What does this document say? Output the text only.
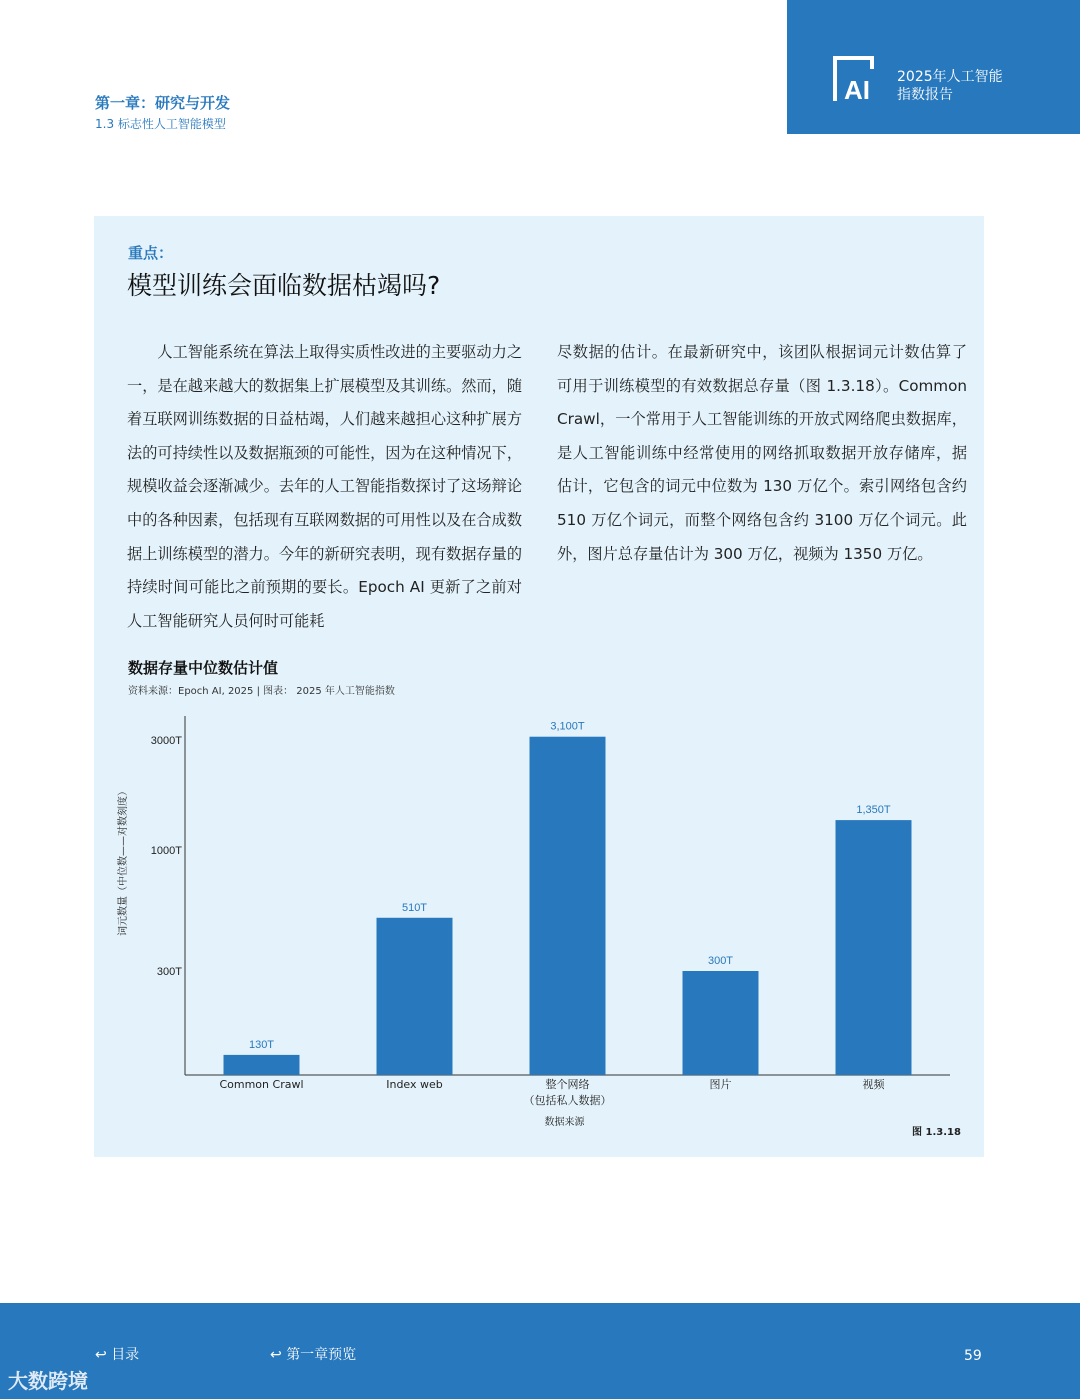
AI 2025年人工智能
指数报告
第一章：研究与开发
1.3 标志性人工智能模型
重点：
模型训练会面临数据枯竭吗?

　　人工智能系统在算法上取得实质性改进的主要驱动力之一，是在越来越大的数据集上扩展模型及其训练。然而，随着互联网训练数据的日益枯竭，人们越来越担心这种扩展方法的可持续性以及数据瓶颈的可能性，因为在这种情况下，规模收益会逐渐减少。去年的人工智能指数探讨了这场辩论中的各种因素，包括现有互联网数据的可用性以及在合成数据上训练模型的潜力。今年的新研究表明，现有数据存量的持续时间可能比之前预期的要长。Epoch AI 更新了之前对人工智能研究人员何时可能耗

尽数据的估计。在最新研究中，该团队根据词元计数估算了可用于训练模型的有效数据总存量（图 1.3.18）。Common Crawl，一个常用于人工智能训练的开放式网络爬虫数据库，是人工智能训练中经常使用的网络抓取数据开放存储库，据估计，它包含的词元中位数为 130 万亿个。索引网络包含约 510 万亿个词元，而整个网络包含约 3100 万亿个词元。此外，图片总存量估计为 300 万亿，视频为 1350 万亿。

数据存量中位数估计值
资料来源：Epoch AI, 2025 | 图表： 2025 年人工智能指数
300T
1000T
3000T
词元数量（中位数——对数刻度）
130T
Common Crawl
510T
Index web
3,100T
整个网络
（包括私人数据）
300T
图片
1,350T
视频
数据来源
图 1.3.18
↩ 目录	↩ 第一章预览	59
大数跨境
